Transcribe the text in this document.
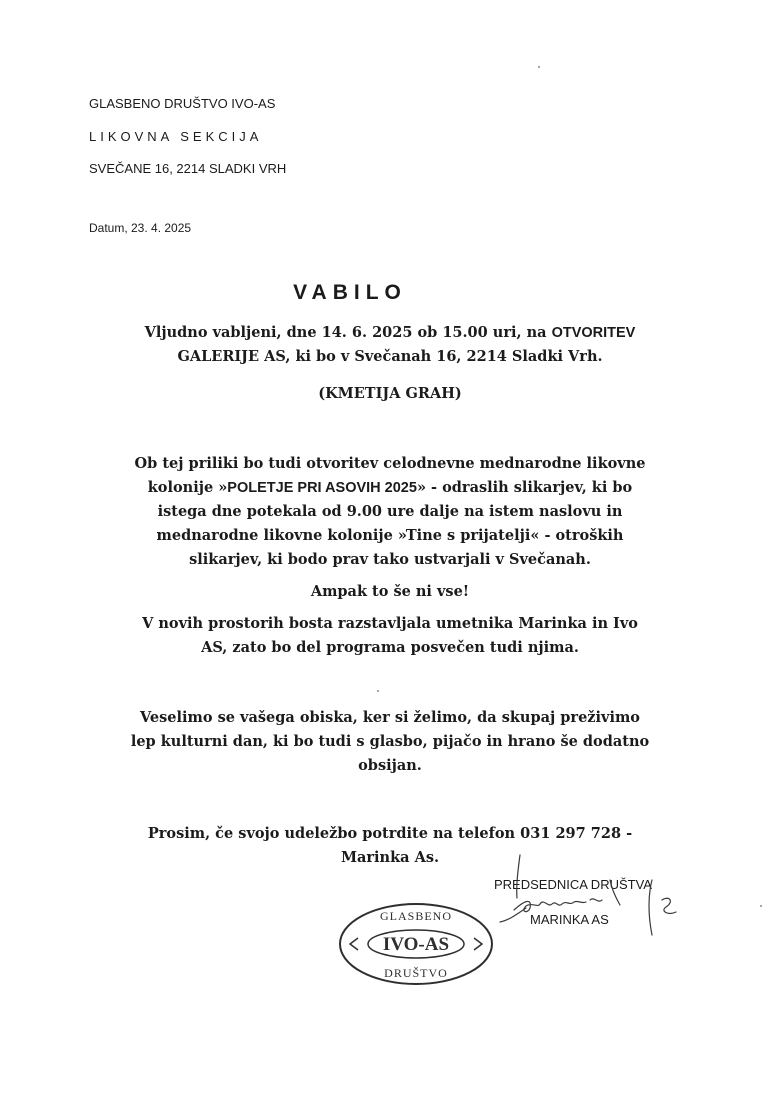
GLASBENO DRUŠTVO IVO-AS
LIKOVNA SEKCIJA
SVEČANE 16, 2214 SLADKI VRH
Datum, 23. 4. 2025
VABILO
Vljudno vabljeni, dne 14. 6. 2025 ob 15.00 uri, na OTVORITEV
GALERIJE AS, ki bo v Svečanah 16, 2214 Sladki Vrh.
(KMETIJA GRAH)
Ob tej priliki bo tudi otvoritev celodnevne mednarodne likovne
kolonije »POLETJE PRI ASOVIH 2025» - odraslih slikarjev, ki bo
istega dne potekala od 9.00 ure dalje na istem naslovu in
mednarodne likovne kolonije »Tine s prijatelji« - otroških
slikarjev, ki bodo prav tako ustvarjali v Svečanah.
Ampak to še ni vse!
V novih prostorih bosta razstavljala umetnika Marinka in Ivo
AS, zato bo del programa posvečen tudi njima.
Veselimo se vašega obiska, ker si želimo, da skupaj preživimo
lep kulturni dan, ki bo tudi s glasbo, pijačo in hrano še dodatno
obsijan.
Prosim, če svojo udeležbo potrdite na telefon 031 297 728 -
Marinka As.
PREDSEDNICA DRUŠTVA
MARINKA AS
GLASBENO
IVO-AS
DRUŠTVO
